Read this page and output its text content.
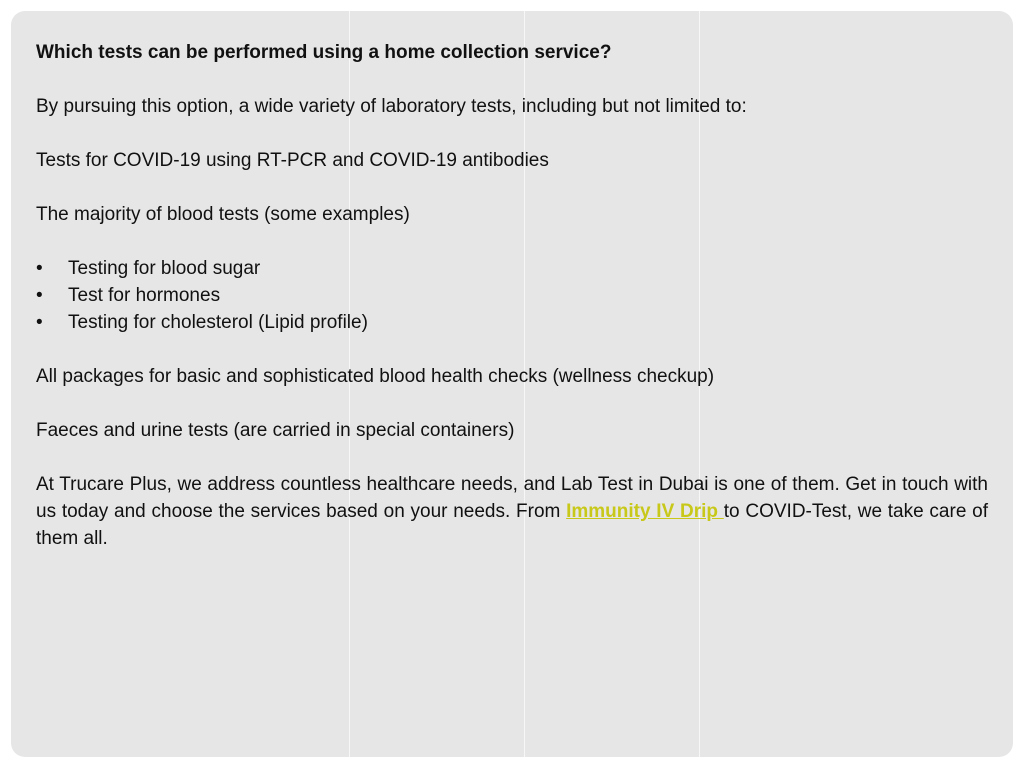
Which tests can be performed using a home collection service?

By pursuing this option, a wide variety of laboratory tests, including but not limited to:

Tests for COVID-19 using RT-PCR and COVID-19 antibodies

The majority of blood tests (some examples)

• Testing for blood sugar
• Test for hormones
• Testing for cholesterol (Lipid profile)

All packages for basic and sophisticated blood health checks (wellness checkup)

Faeces and urine tests (are carried in special containers)

At Trucare Plus, we address countless healthcare needs, and Lab Test in Dubai is one of them. Get in touch with us today and choose the services based on your needs. From Immunity IV Drip to COVID-Test, we take care of them all.
